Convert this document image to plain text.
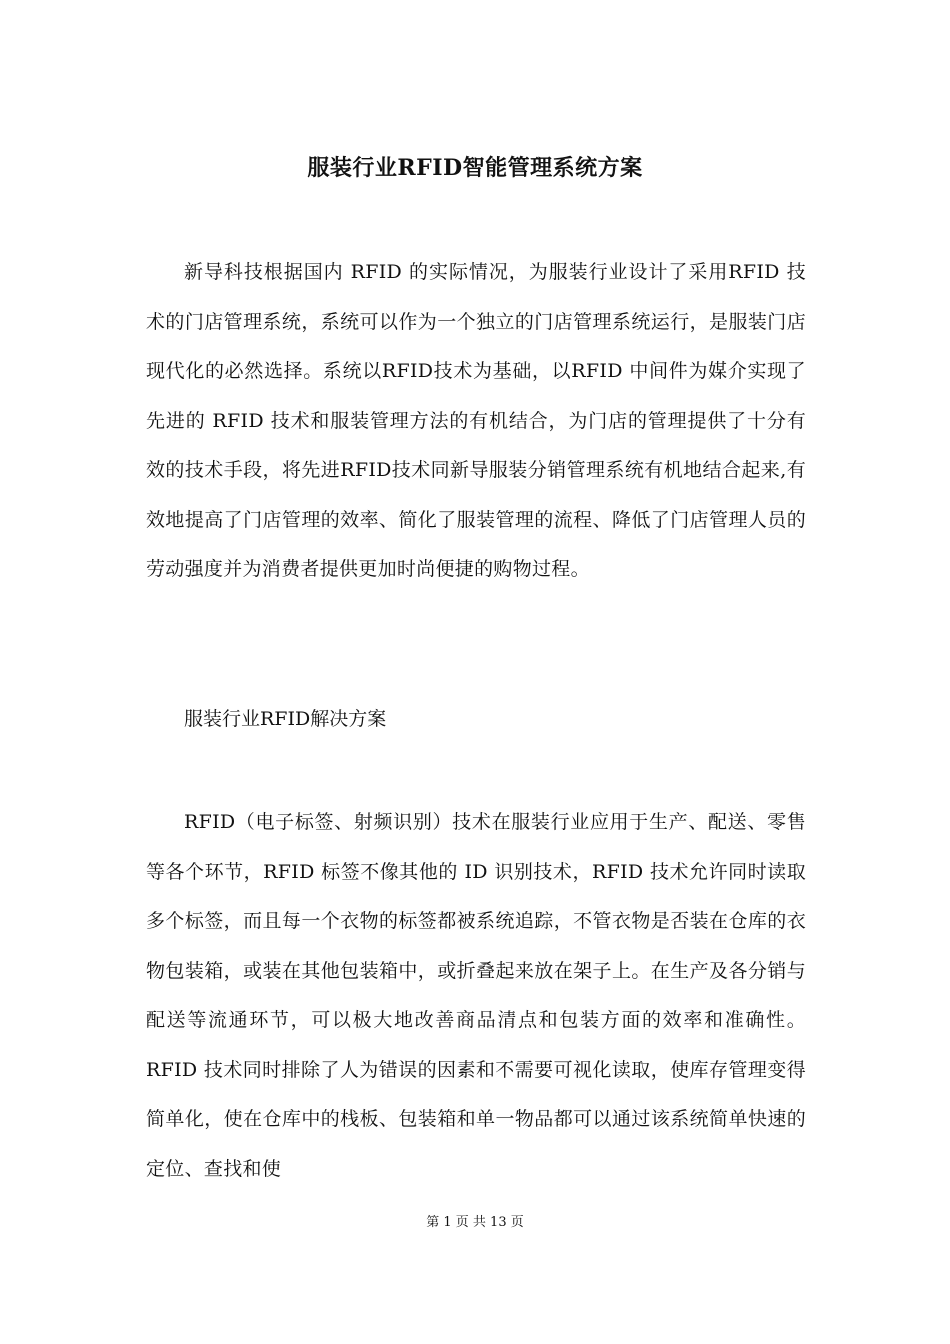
服装行业RFID智能管理系统方案

新导科技根据国内 RFID 的实际情况，为服装行业设计了采用RFID 技术的门店管理系统，系统可以作为一个独立的门店管理系统运行，是服装门店现代化的必然选择。系统以RFID技术为基础，以RFID 中间件为媒介实现了先进的 RFID 技术和服装管理方法的有机结合，为门店的管理提供了十分有效的技术手段，将先进RFID技术同新导服装分销管理系统有机地结合起来,有效地提高了门店管理的效率、简化了服装管理的流程、降低了门店管理人员的劳动强度并为消费者提供更加时尚便捷的购物过程。

服装行业RFID解决方案

RFID（电子标签、射频识别）技术在服装行业应用于生产、配送、零售等各个环节，RFID 标签不像其他的 ID 识别技术，RFID 技术允许同时读取多个标签，而且每一个衣物的标签都被系统追踪，不管衣物是否装在仓库的衣物包装箱，或装在其他包装箱中，或折叠起来放在架子上。在生产及各分销与配送等流通环节，可以极大地改善商品清点和包装方面的效率和准确性。RFID 技术同时排除了人为错误的因素和不需要可视化读取，使库存管理变得简单化，使在仓库中的栈板、包装箱和单一物品都可以通过该系统简单快速的定位、查找和使

第 1 页 共 13 页
